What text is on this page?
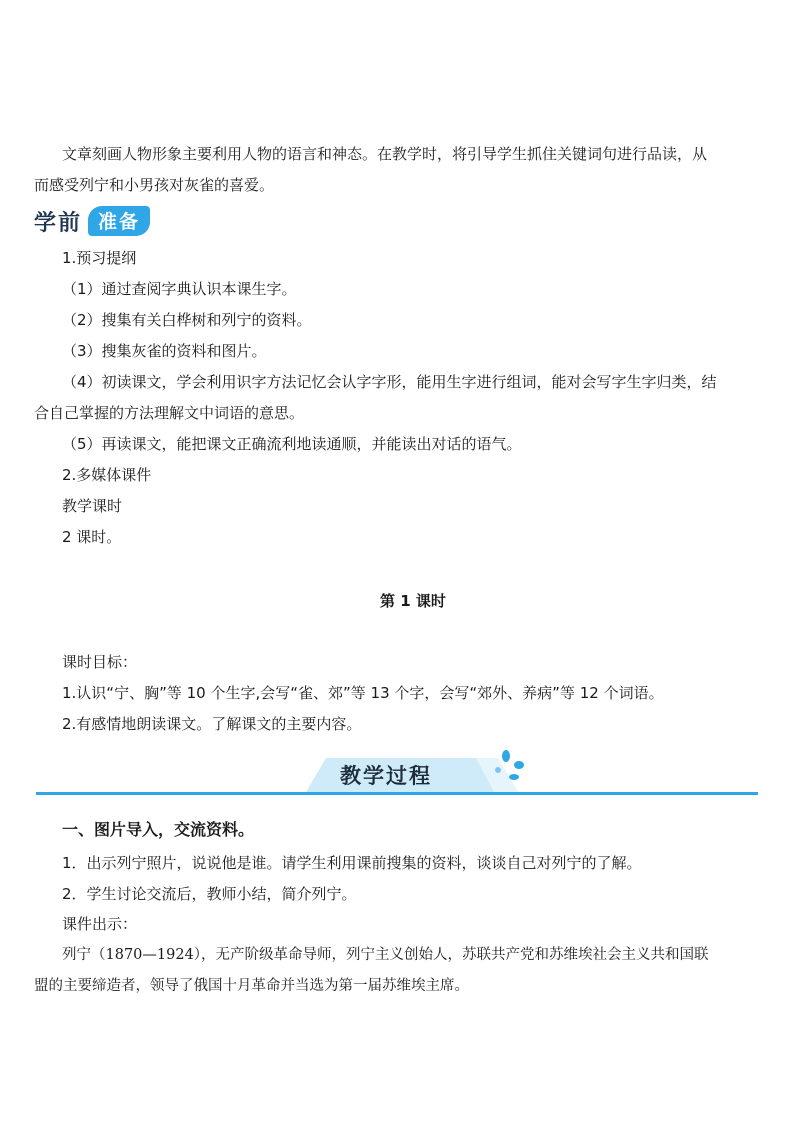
文章刻画人物形象主要利用人物的语言和神态。在教学时，将引导学生抓住关键词句进行品读，从
而感受列宁和小男孩对灰雀的喜爱。
学前 准备
1.预习提纲
（1）通过查阅字典认识本课生字。
（2）搜集有关白桦树和列宁的资料。
（3）搜集灰雀的资料和图片。
（4）初读课文，学会利用识字方法记忆会认字字形，能用生字进行组词，能对会写字生字归类，结
合自己掌握的方法理解文中词语的意思。
（5）再读课文，能把课文正确流利地读通顺，并能读出对话的语气。
2.多媒体课件
教学课时
2 课时。
第 1 课时
课时目标：
1.认识“宁、胸”等 10 个生字,会写“雀、郊”等 13 个字，会写“郊外、养病”等 12 个词语。
2.有感情地朗读课文。了解课文的主要内容。
教学过程
一、图片导入，交流资料。
1．出示列宁照片，说说他是谁。请学生利用课前搜集的资料，谈谈自己对列宁的了解。
2．学生讨论交流后，教师小结，简介列宁。
课件出示：
列宁（1870—1924），无产阶级革命导师，列宁主义创始人，苏联共产党和苏维埃社会主义共和国联
盟的主要缔造者，领导了俄国十月革命并当选为第一届苏维埃主席。
